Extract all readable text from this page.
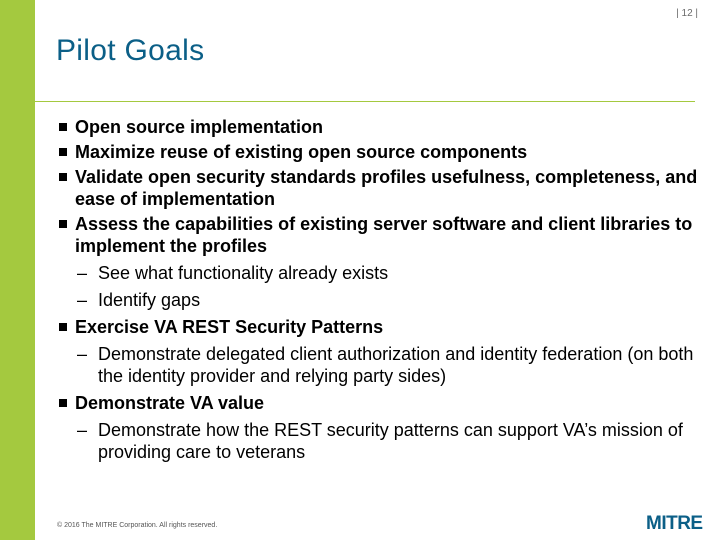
| 12 |
Pilot Goals
Open source implementation
Maximize reuse of existing open source components
Validate open security standards profiles usefulness, completeness, and ease of implementation
Assess the capabilities of existing server software and client libraries to implement the profiles
– See what functionality already exists
– Identify gaps
Exercise VA REST Security Patterns
– Demonstrate delegated client authorization and identity federation (on both the identity provider and relying party sides)
Demonstrate VA value
– Demonstrate how the REST security patterns can support VA’s mission of providing care to veterans
© 2016 The MITRE Corporation. All rights reserved.	MITRE
